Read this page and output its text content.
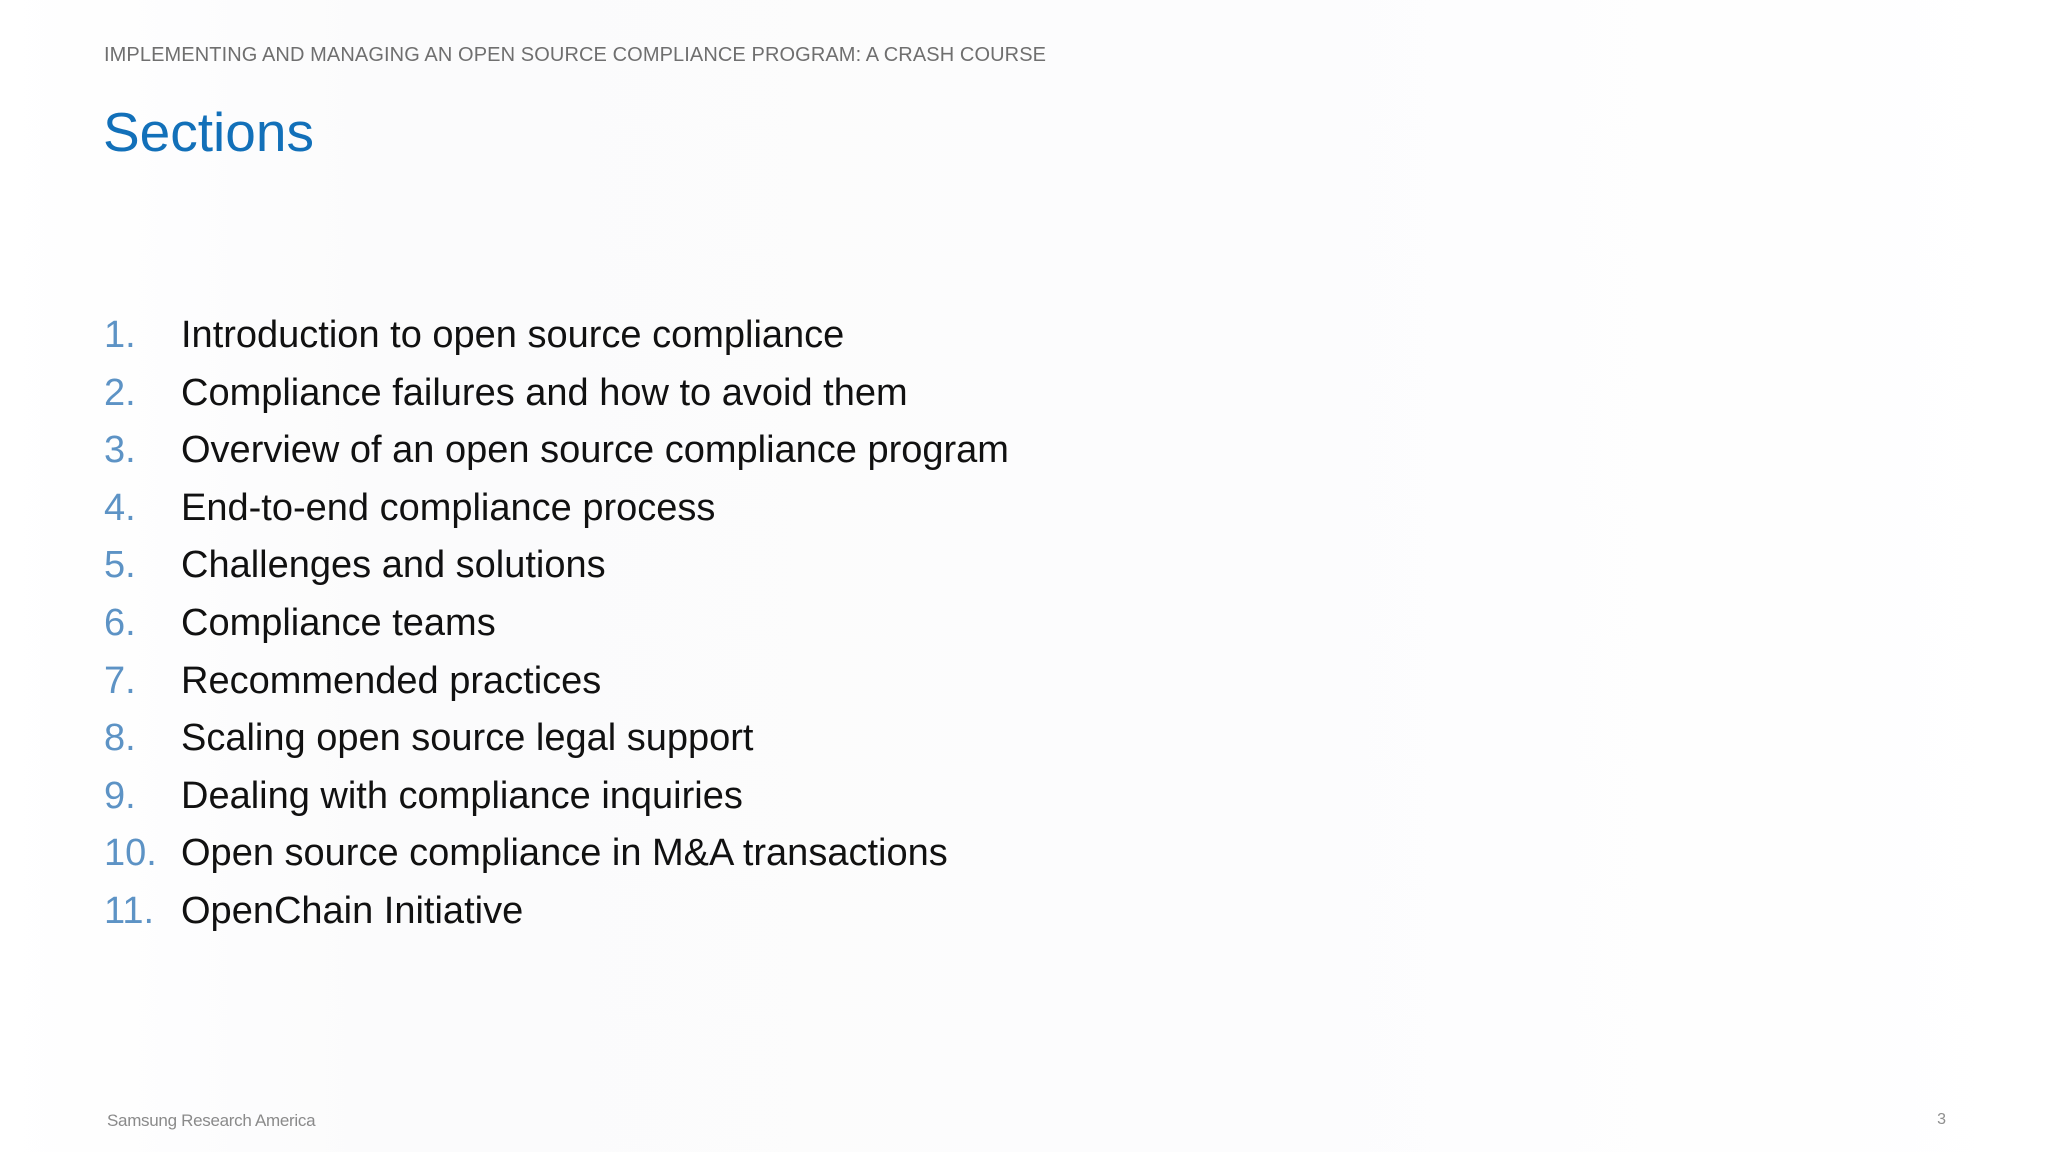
IMPLEMENTING AND MANAGING AN OPEN SOURCE COMPLIANCE PROGRAM: A CRASH COURSE
Sections
1.	Introduction to open source compliance
2.	Compliance failures and how to avoid them
3.	Overview of an open source compliance program
4.	End-to-end compliance process
5.	Challenges and solutions
6.	Compliance teams
7.	Recommended practices
8.	Scaling open source legal support
9.	Dealing with compliance inquiries
10. Open source compliance in M&A transactions
11. OpenChain Initiative
Samsung Research America	3
